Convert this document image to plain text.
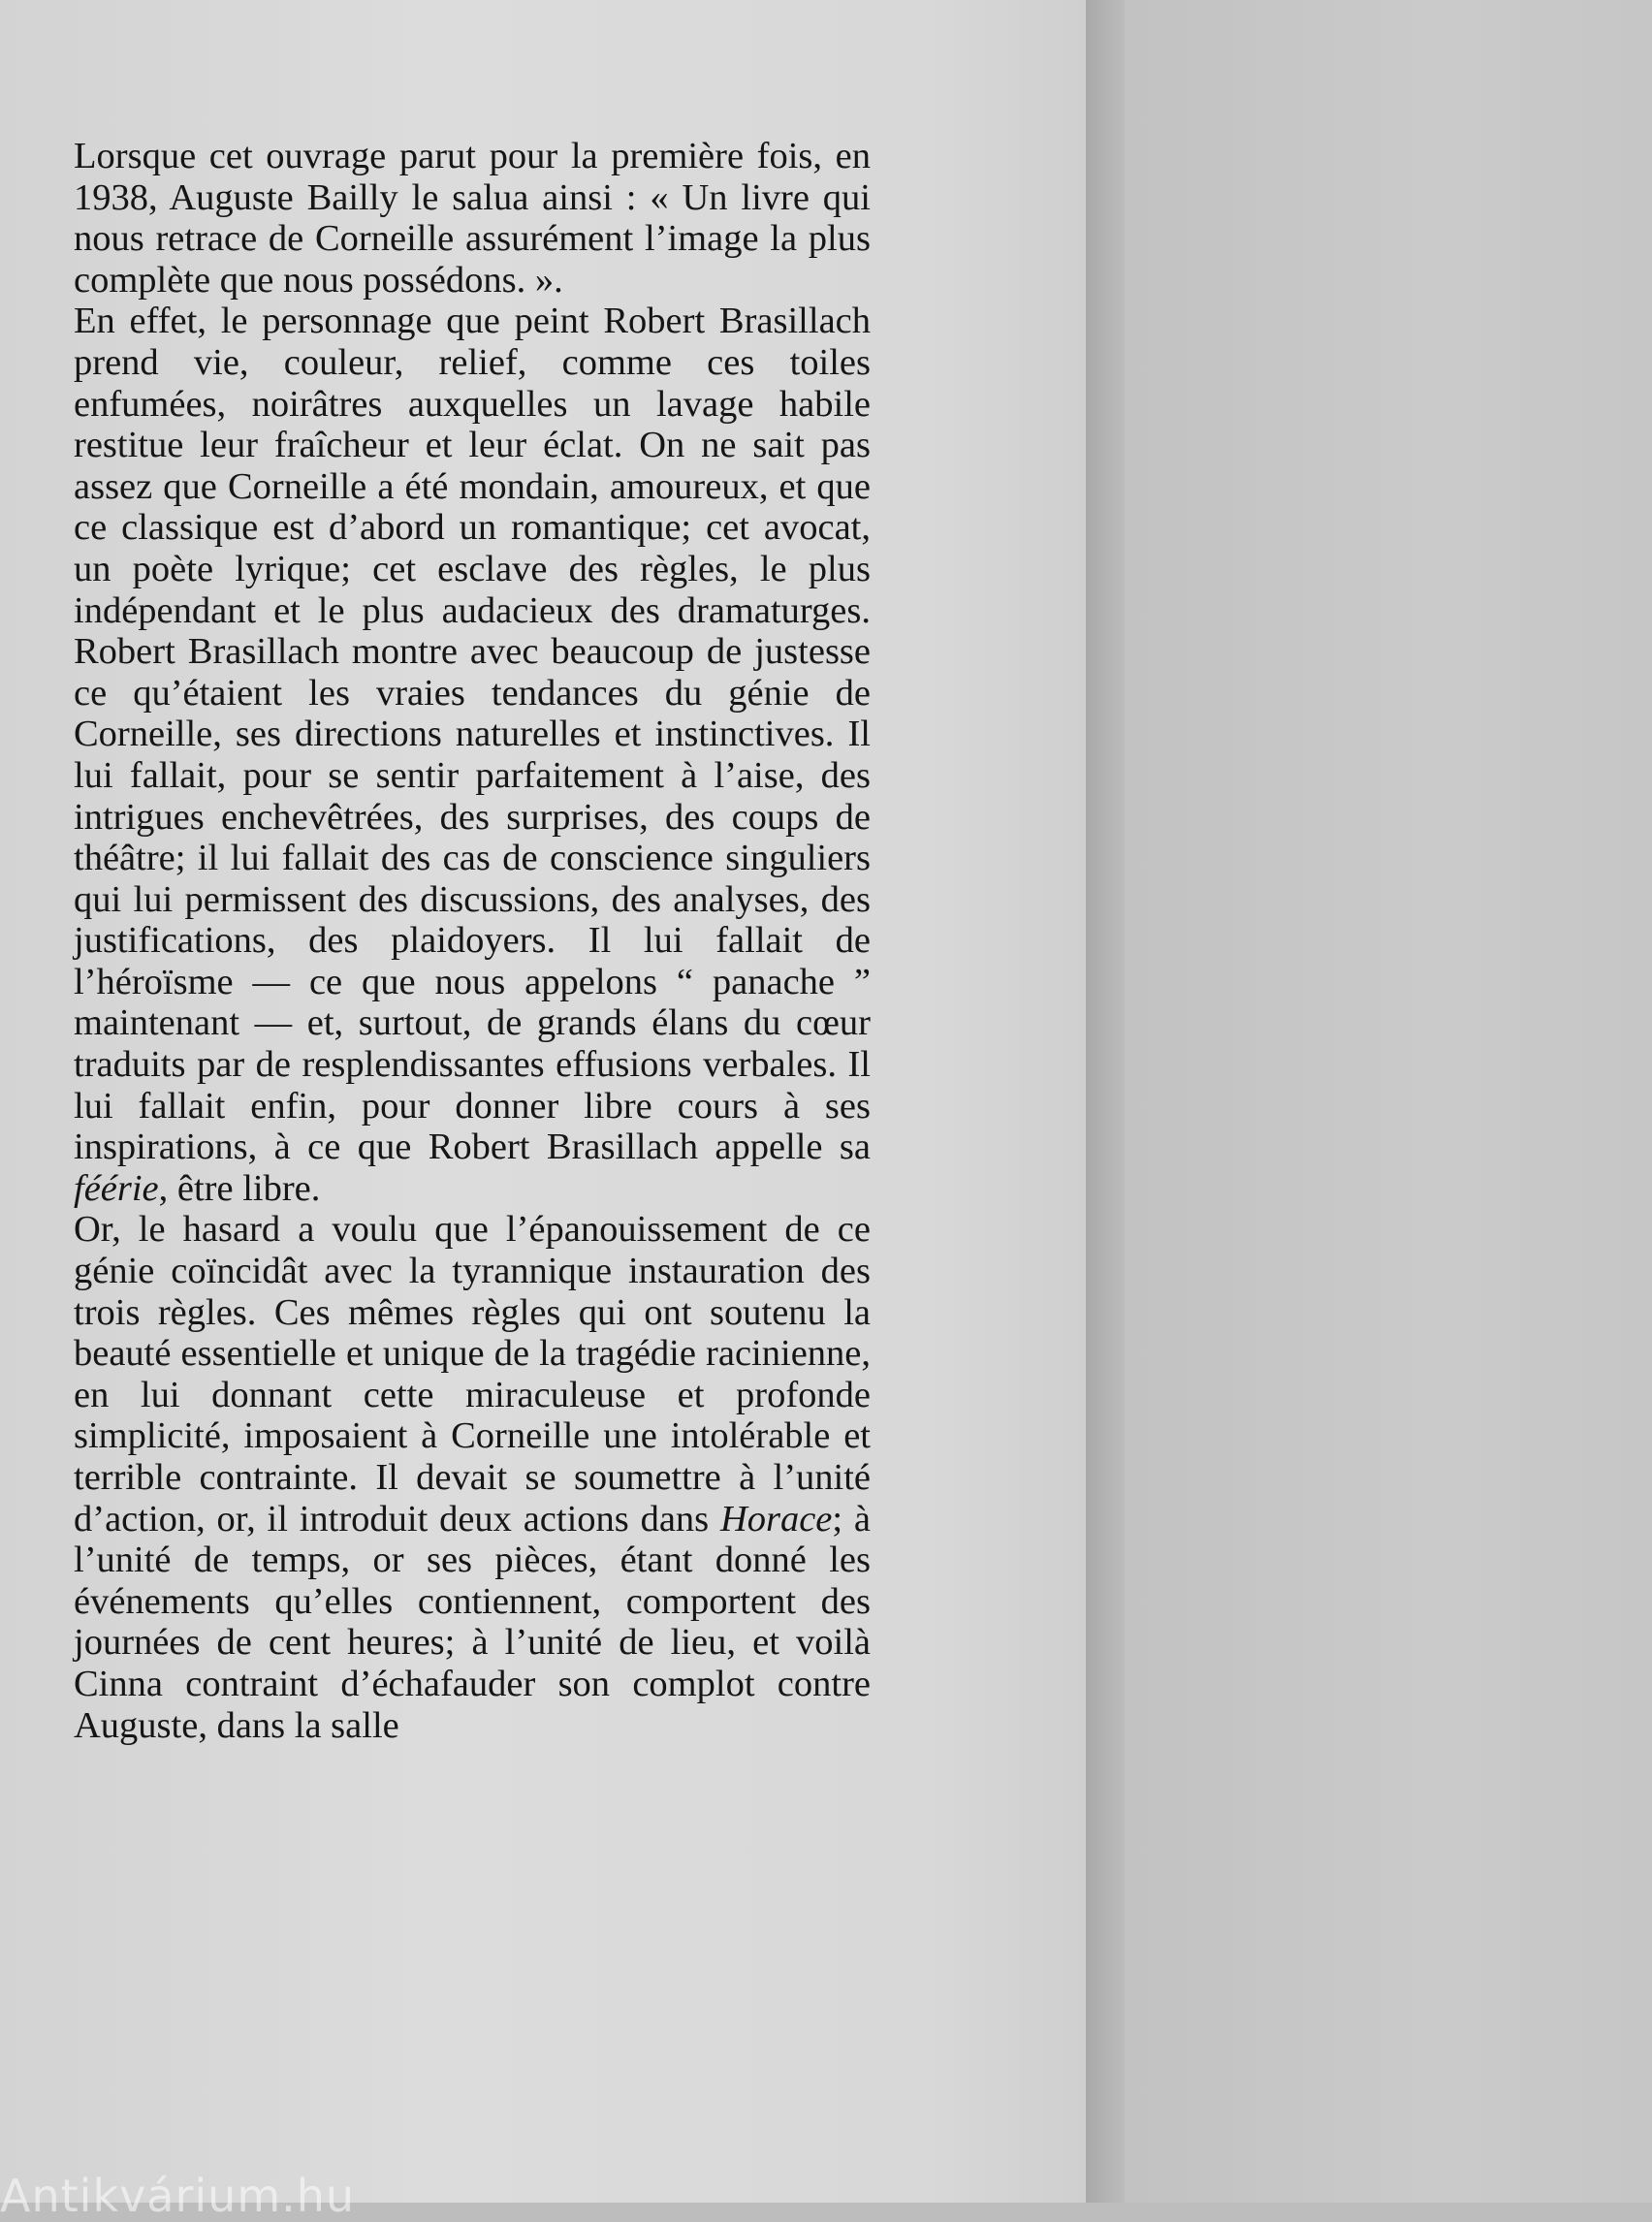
Lorsque cet ouvrage parut pour la première fois, en 1938, Auguste Bailly le salua ainsi : « Un livre qui nous retrace de Corneille assurément l’image la plus complète que nous possédons. ».

En effet, le personnage que peint Robert Brasillach prend vie, couleur, relief, comme ces toiles enfumées, noirâtres auxquelles un lavage habile restitue leur fraîcheur et leur éclat. On ne sait pas assez que Corneille a été mondain, amoureux, et que ce classique est d’abord un romantique; cet avocat, un poète lyrique; cet esclave des règles, le plus indépendant et le plus audacieux des dramaturges. Robert Brasillach montre avec beaucoup de justesse ce qu’étaient les vraies tendances du génie de Corneille, ses directions naturelles et instinctives. Il lui fallait, pour se sentir parfaitement à l’aise, des intrigues enchevêtrées, des surprises, des coups de théâtre; il lui fallait des cas de conscience singuliers qui lui permissent des discussions, des analyses, des justifications, des plaidoyers. Il lui fallait de l’héroïsme — ce que nous appelons “ panache ” maintenant — et, surtout, de grands élans du cœur traduits par de resplendissantes effusions verbales. Il lui fallait enfin, pour donner libre cours à ses inspirations, à ce que Robert Brasillach appelle sa féérie, être libre.

Or, le hasard a voulu que l’épanouissement de ce génie coïncidât avec la tyrannique instauration des trois règles. Ces mêmes règles qui ont soutenu la beauté essentielle et unique de la tragédie racinienne, en lui donnant cette miraculeuse et profonde simplicité, imposaient à Corneille une intolérable et terrible contrainte. Il devait se soumettre à l’unité d’action, or, il introduit deux actions dans Horace; à l’unité de temps, or ses pièces, étant donné les événements qu’elles contiennent, comportent des journées de cent heures; à l’unité de lieu, et voilà Cinna contraint d’échafauder son complot contre Auguste, dans la salle

Antikvárium.hu
